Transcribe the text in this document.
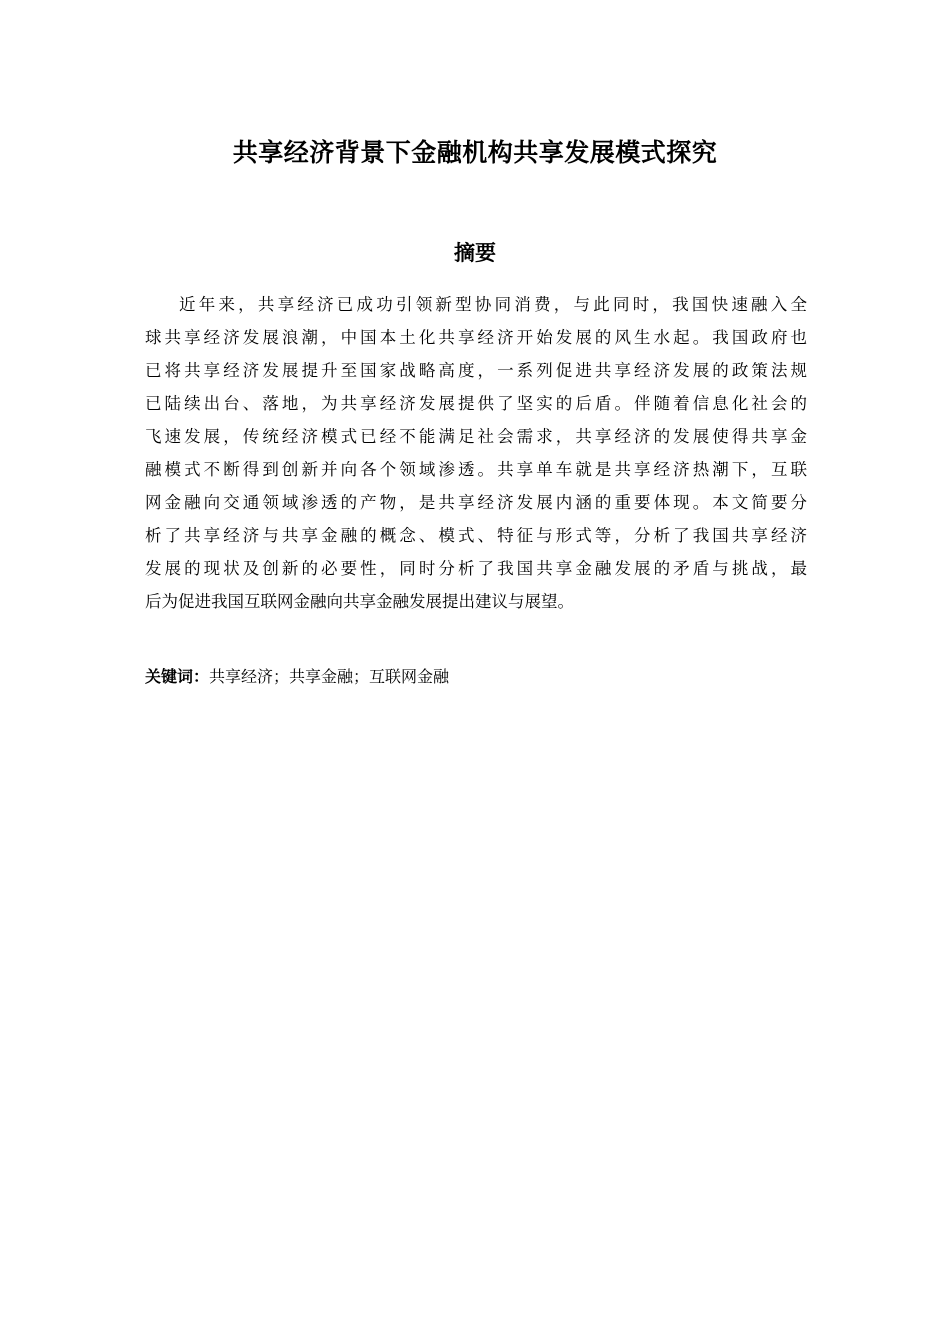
共享经济背景下金融机构共享发展模式探究
摘要
近年来，共享经济已成功引领新型协同消费，与此同时，我国快速融入全
球共享经济发展浪潮，中国本土化共享经济开始发展的风生水起。我国政府也
已将共享经济发展提升至国家战略高度，一系列促进共享经济发展的政策法规
已陆续出台、落地，为共享经济发展提供了坚实的后盾。伴随着信息化社会的
飞速发展，传统经济模式已经不能满足社会需求，共享经济的发展使得共享金
融模式不断得到创新并向各个领域渗透。共享单车就是共享经济热潮下，互联
网金融向交通领域渗透的产物，是共享经济发展内涵的重要体现。本文简要分
析了共享经济与共享金融的概念、模式、特征与形式等，分析了我国共享经济
发展的现状及创新的必要性，同时分析了我国共享金融发展的矛盾与挑战，最
后为促进我国互联网金融向共享金融发展提出建议与展望。

关键词：共享经济；共享金融；互联网金融
